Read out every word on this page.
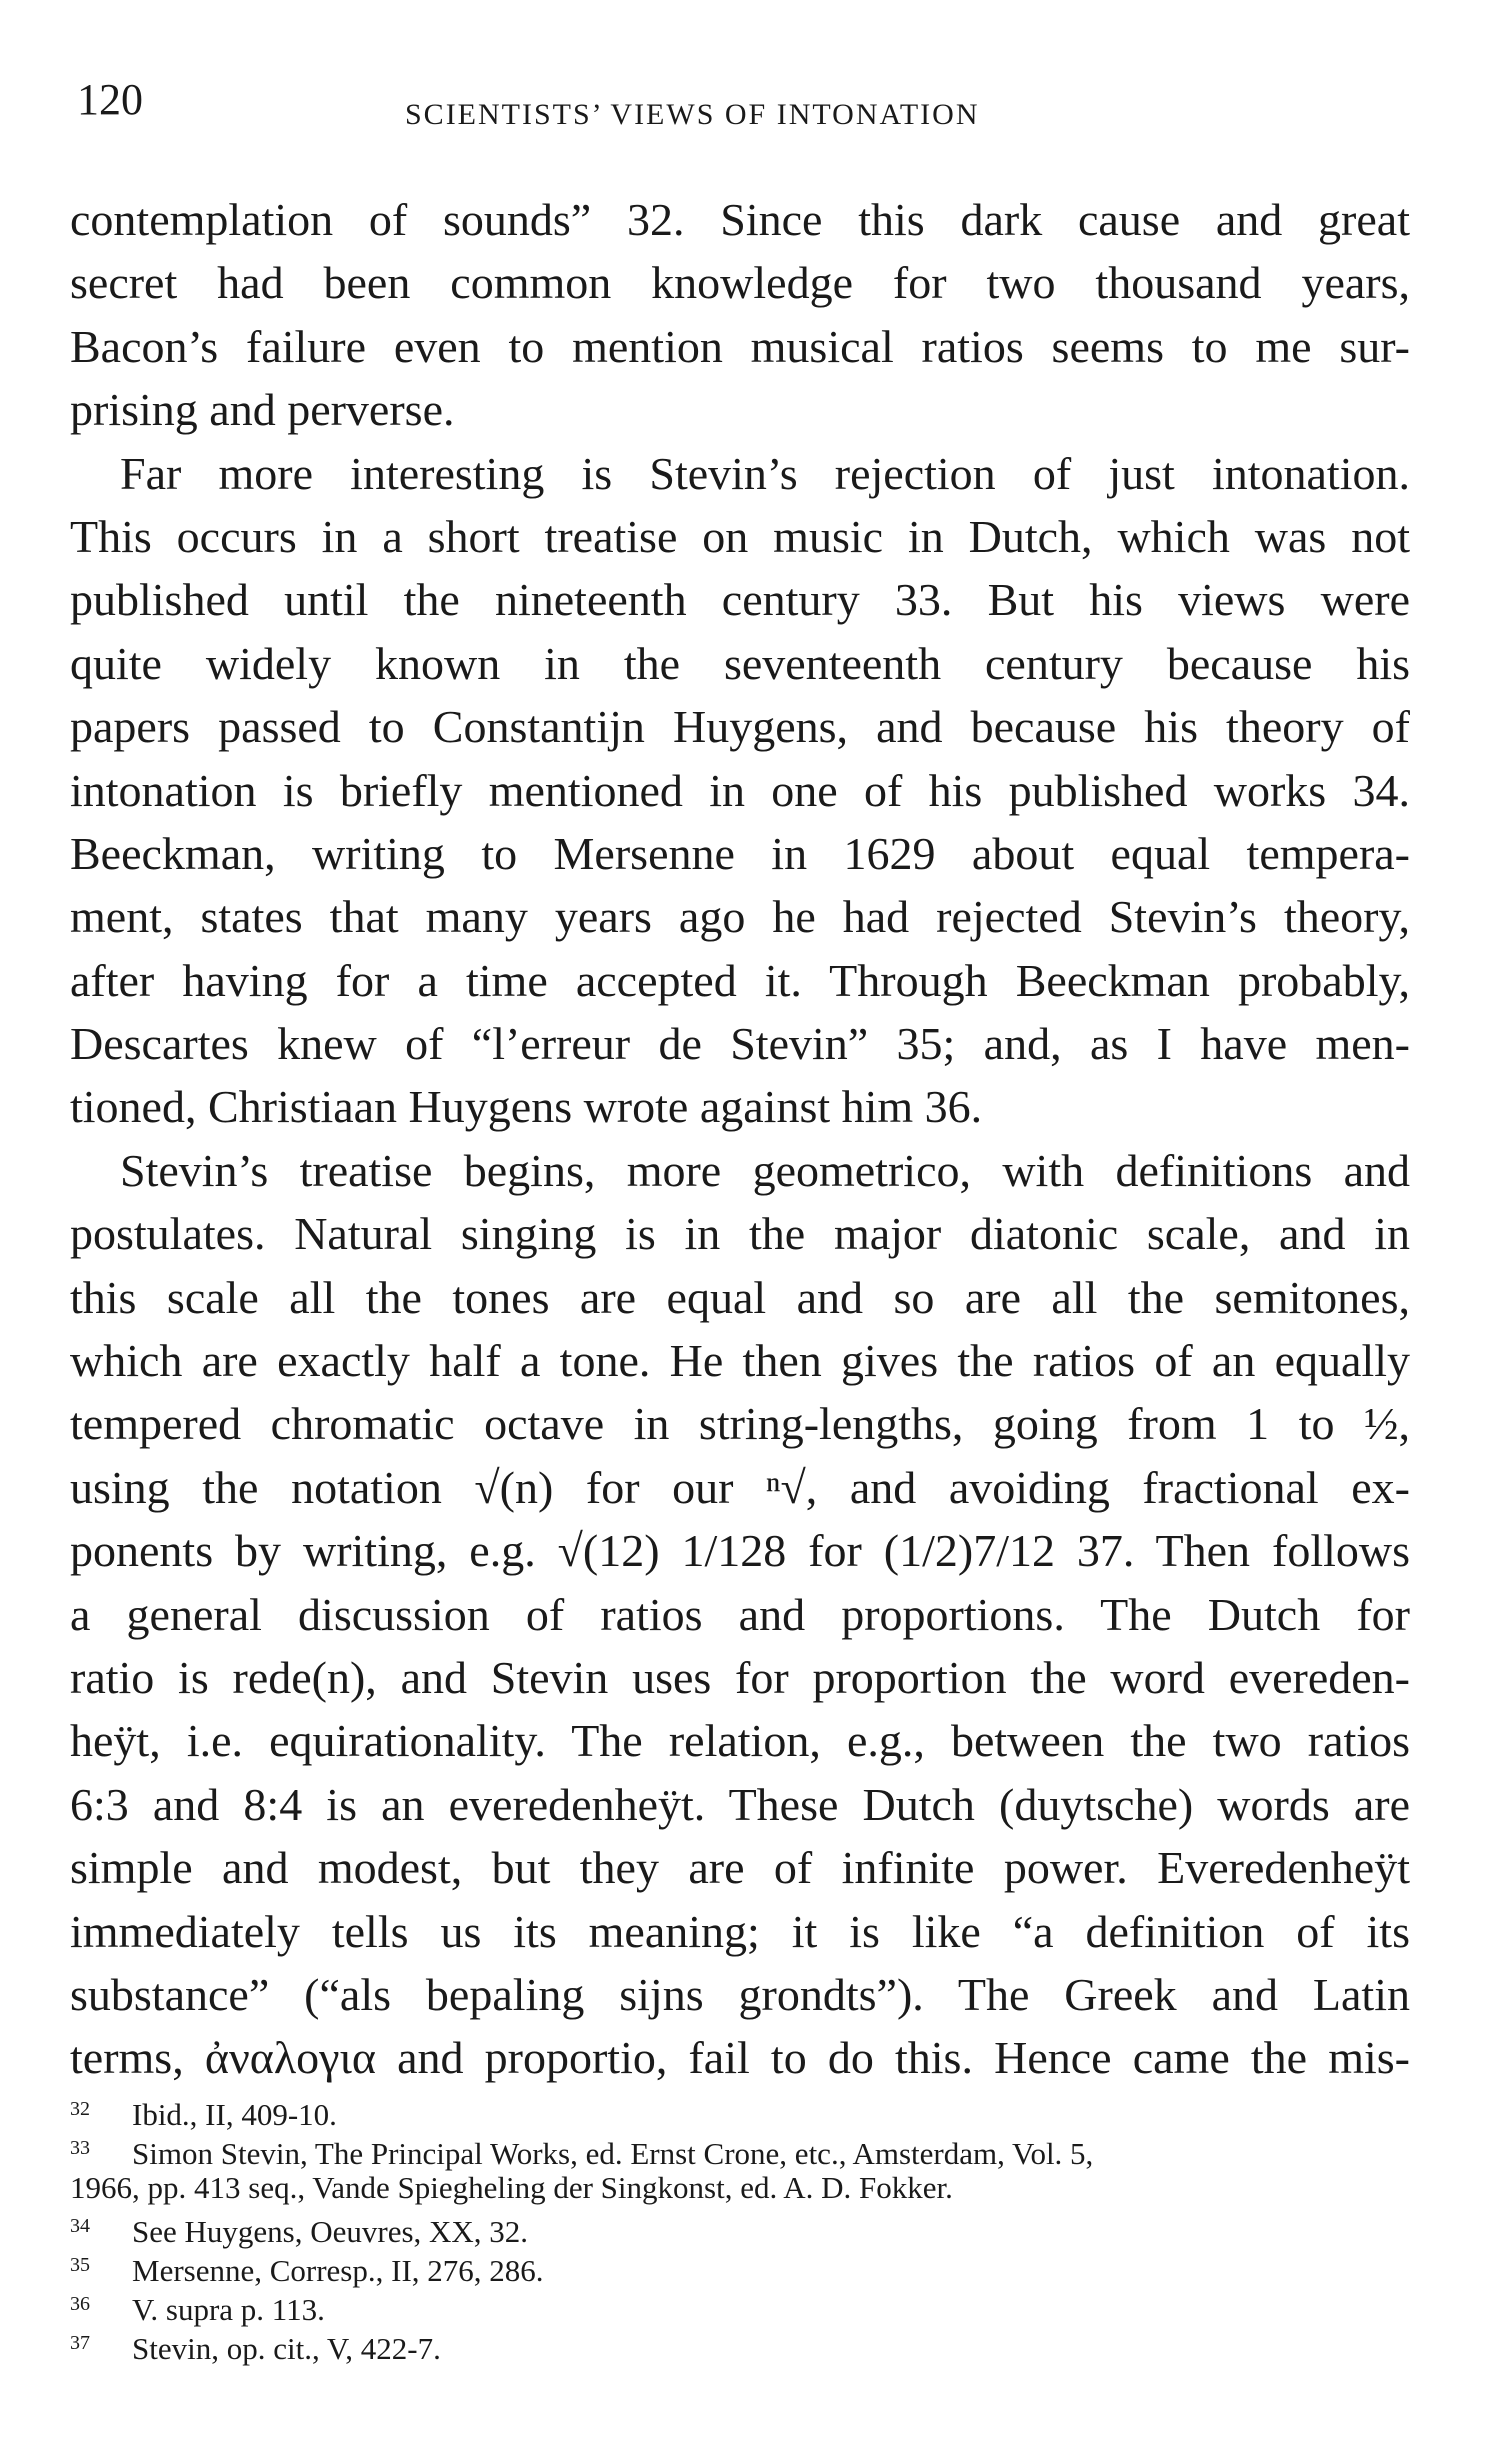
120	SCIENTISTS’ VIEWS OF INTONATION
contemplation of sounds” 32. Since this dark cause and great
secret had been common knowledge for two thousand years,
Bacon’s failure even to mention musical ratios seems to me sur-
prising and perverse.
Far more interesting is Stevin’s rejection of just intonation.
This occurs in a short treatise on music in Dutch, which was not
published until the nineteenth century 33. But his views were
quite widely known in the seventeenth century because his
papers passed to Constantijn Huygens, and because his theory of
intonation is briefly mentioned in one of his published works 34.
Beeckman, writing to Mersenne in 1629 about equal tempera-
ment, states that many years ago he had rejected Stevin’s theory,
after having for a time accepted it. Through Beeckman probably,
Descartes knew of “l’erreur de Stevin” 35; and, as I have men-
tioned, Christiaan Huygens wrote against him 36.
Stevin’s treatise begins, more geometrico, with definitions and
postulates. Natural singing is in the major diatonic scale, and in
this scale all the tones are equal and so are all the semitones,
which are exactly half a tone. He then gives the ratios of an equally
tempered chromatic octave in string-lengths, going from 1 to ½,
using the notation √(n) for our ⁿ√, and avoiding fractional ex-
ponents by writing, e.g. √(12) 1/128 for (1/2)7/12 37. Then follows
a general discussion of ratios and proportions. The Dutch for
ratio is rede(n), and Stevin uses for proportion the word evereden-
heÿt, i.e. equirationality. The relation, e.g., between the two ratios
6:3 and 8:4 is an everedenheÿt. These Dutch (duytsche) words are
simple and modest, but they are of infinite power. Everedenheÿt
immediately tells us its meaning; it is like “a definition of its
substance” (“als bepaling sijns grondts”). The Greek and Latin
terms, ἀναλογια and proportio, fail to do this. Hence came the mis-
32 Ibid., II, 409-10.
33 Simon Stevin, The Principal Works, ed. Ernst Crone, etc., Amsterdam, Vol. 5,
1966, pp. 413 seq., Vande Spiegheling der Singkonst, ed. A. D. Fokker.
34 See Huygens, Oeuvres, XX, 32.
35 Mersenne, Corresp., II, 276, 286.
36 V. supra p. 113.
37 Stevin, op. cit., V, 422-7.
